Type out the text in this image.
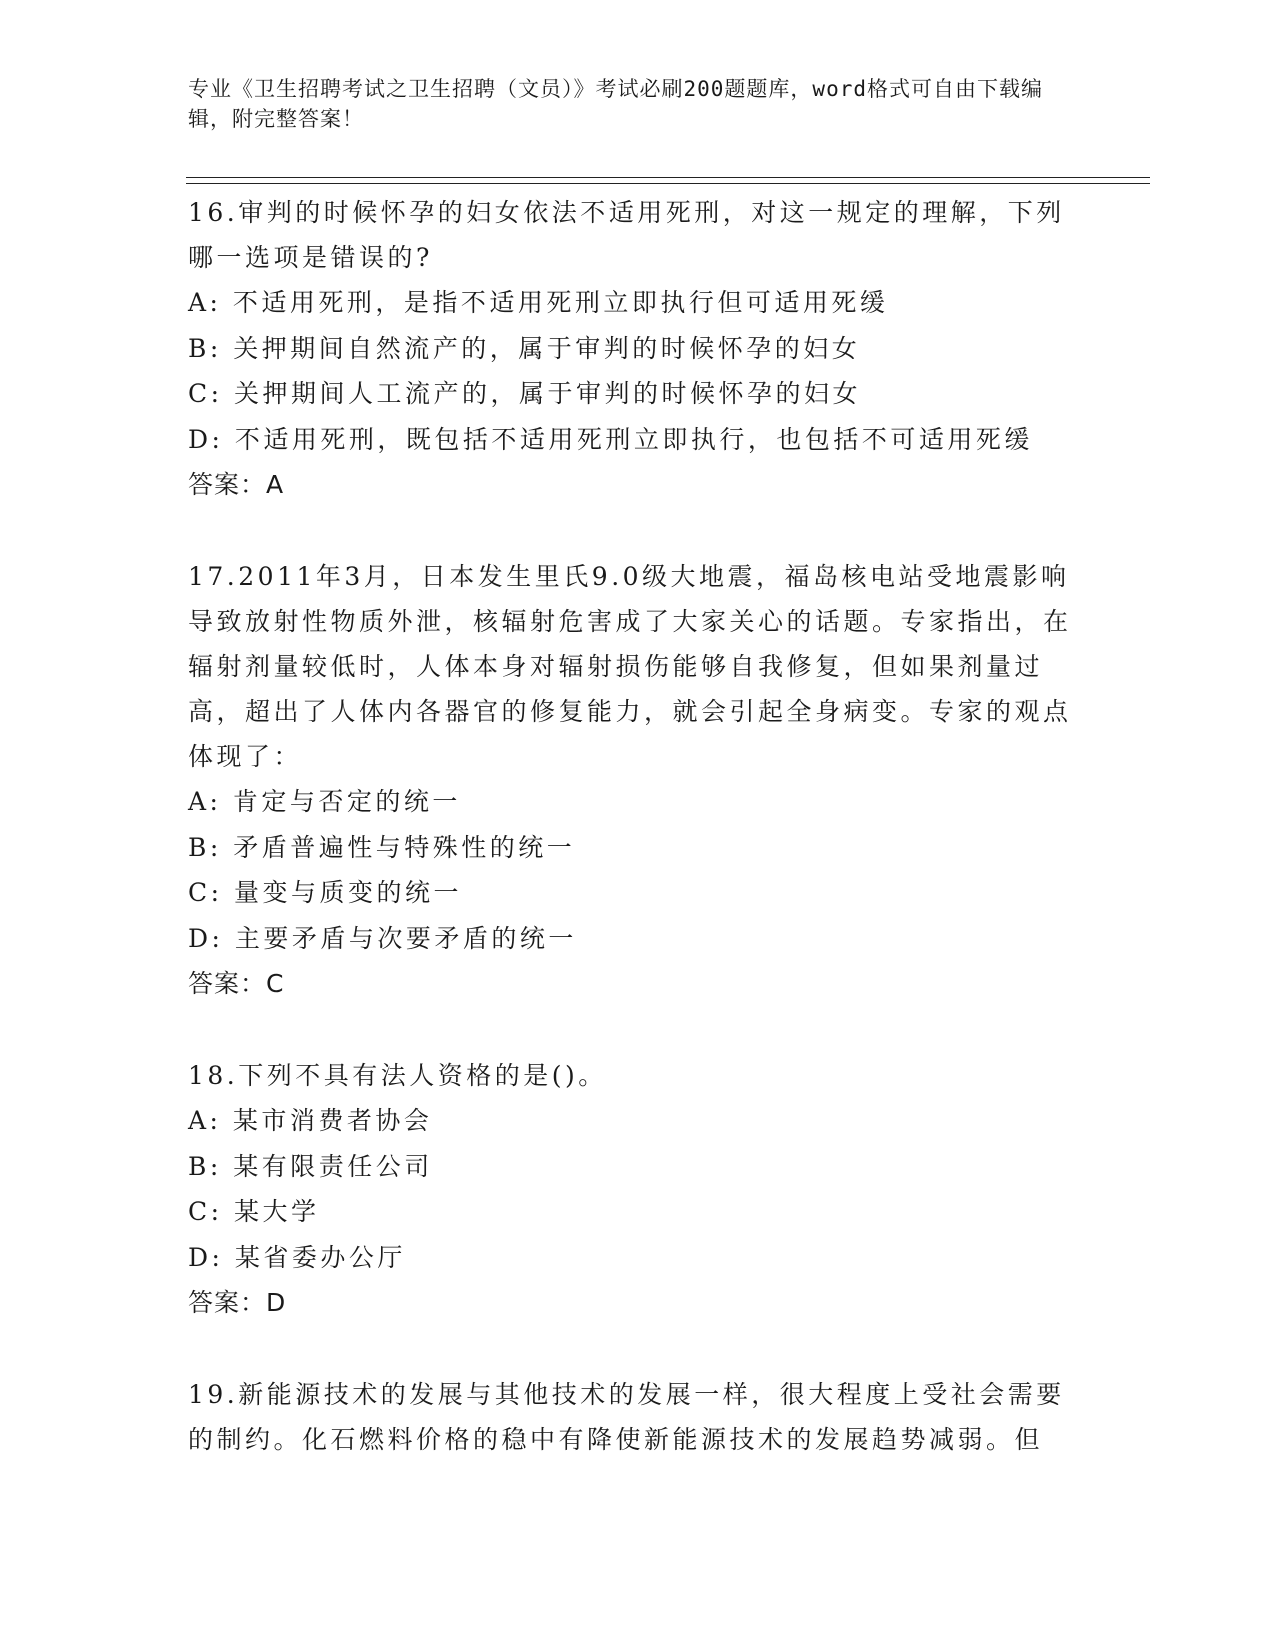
专业《卫生招聘考试之卫生招聘（文员）》考试必刷200题题库，word格式可自由下载编辑，附完整答案！
16.审判的时候怀孕的妇女依法不适用死刑，对这一规定的理解，下列哪一选项是错误的?
A: 不适用死刑，是指不适用死刑立即执行但可适用死缓
B: 关押期间自然流产的，属于审判的时候怀孕的妇女
C: 关押期间人工流产的，属于审判的时候怀孕的妇女
D: 不适用死刑，既包括不适用死刑立即执行，也包括不可适用死缓
答案：A
17.2011年3月，日本发生里氏9.0级大地震，福岛核电站受地震影响导致放射性物质外泄，核辐射危害成了大家关心的话题。专家指出，在辐射剂量较低时，人体本身对辐射损伤能够自我修复，但如果剂量过高，超出了人体内各器官的修复能力，就会引起全身病变。专家的观点体现了：
A: 肯定与否定的统一
B: 矛盾普遍性与特殊性的统一
C: 量变与质变的统一
D: 主要矛盾与次要矛盾的统一
答案：C
18.下列不具有法人资格的是()。
A: 某市消费者协会
B: 某有限责任公司
C: 某大学
D: 某省委办公厅
答案：D
19.新能源技术的发展与其他技术的发展一样，很大程度上受社会需要的制约。化石燃料价格的稳中有降使新能源技术的发展趋势减弱。但
